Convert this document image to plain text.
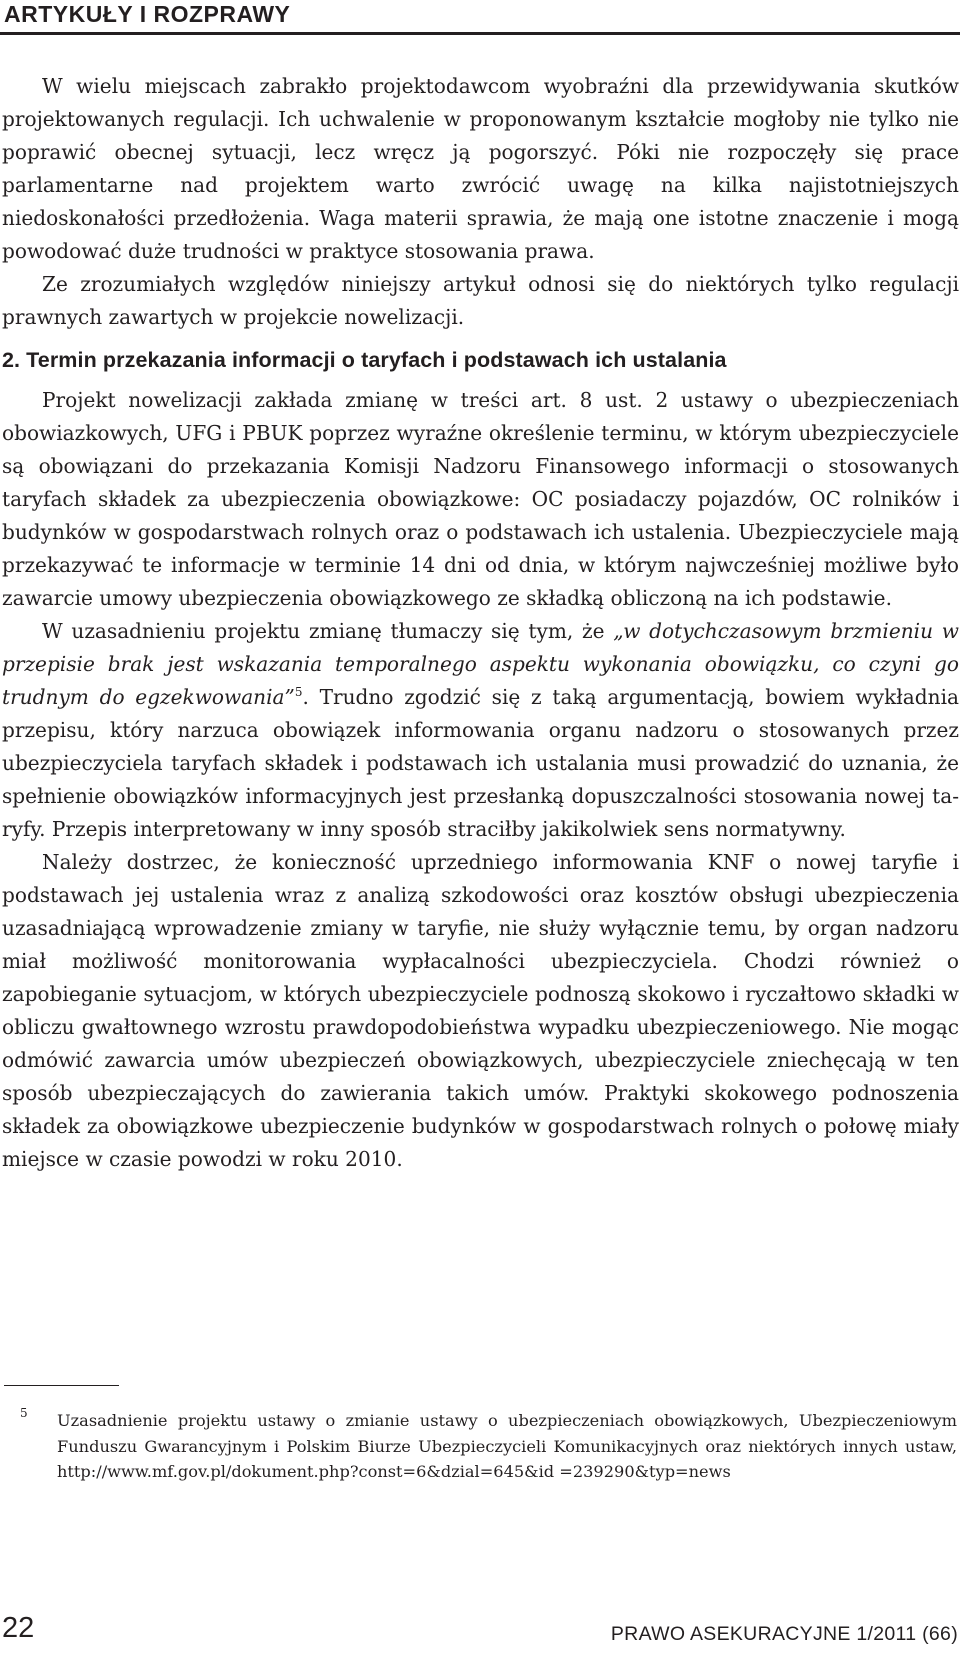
ARTYKUŁY I ROZPRAWY

W wielu miejscach zabrakło projektodawcom wyobraźni dla przewidywania skutków projektowanych regulacji. Ich uchwalenie w proponowanym kształcie mogłoby nie tylko nie poprawić obecnej sytuacji, lecz wręcz ją pogorszyć. Póki nie rozpoczęły się prace parlamentarne nad projektem warto zwrócić uwagę na kilka najistotniejszych niedoskonałości przedłożenia. Waga materii sprawia, że mają one istotne znaczenie i mogą powodować duże trudności w praktyce stosowania prawa.

Ze zrozumiałych względów niniejszy artykuł odnosi się do niektórych tylko regulacji prawnych zawartych w projekcie nowelizacji.

2. Termin przekazania informacji o taryfach i podstawach ich ustalania

Projekt nowelizacji zakłada zmianę w treści art. 8 ust. 2 ustawy o ubezpieczeniach obowiazkowych, UFG i PBUK poprzez wyraźne określenie terminu, w którym ubezpieczyciele są obowiązani do przekazania Komisji Nadzoru Finansowego informacji o stosowanych taryfach składek za ubezpieczenia obowiązkowe: OC posiadaczy pojazdów, OC rolników i budynków w gospodarstwach rolnych oraz o podstawach ich ustalenia. Ubezpieczyciele mają przekazywać te informacje w terminie 14 dni od dnia, w którym najwcześniej możliwe było zawarcie umowy ubezpieczenia obowiązkowego ze składką obliczoną na ich podstawie.

W uzasadnieniu projektu zmianę tłumaczy się tym, że „w dotychczasowym brzmieniu w przepisie brak jest wskazania temporalnego aspektu wykonania obowiązku, co czyni go trudnym do egzekwowania”$^5$. Trudno zgodzić się z taką argumentacją, bowiem wykładnia przepisu, który narzuca obowiązek informowania organu nadzoru o stosowanych przez ubezpieczyciela taryfach składek i podstawach ich ustalania musi prowadzić do uznania, że spełnienie obowiązków informacyjnych jest przesłanką dopuszczalności stosowania nowej taryfy. Przepis interpretowany w inny sposób straciłby jakikolwiek sens normatywny.

Należy dostrzec, że konieczność uprzedniego informowania KNF o nowej taryfie i podstawach jej ustalenia wraz z analizą szkodowości oraz kosztów obsługi ubezpieczenia uzasadniającą wprowadzenie zmiany w taryfie, nie służy wyłącznie temu, by organ nadzoru miał możliwość monitorowania wypłacalności ubezpieczyciela. Chodzi również o zapobieganie sytuacjom, w których ubezpieczyciele podnoszą skokowo i ryczałtowo składki w obliczu gwałtownego wzrostu prawdopodobieństwa wypadku ubezpieczeniowego. Nie mogąc odmówić zawarcia umów ubezpieczeń obowiązkowych, ubezpieczyciele zniechęcają w ten sposób ubezpieczających do zawierania takich umów. Praktyki skokowego podnoszenia składek za obowiązkowe ubezpieczenie budynków w gospodarstwach rolnych o połowę miały miejsce w czasie powodzi w roku 2010.

5 Uzasadnienie projektu ustawy o zmianie ustawy o ubezpieczeniach obowiązkowych, Ubezpieczeniowym Funduszu Gwarancyjnym i Polskim Biurze Ubezpieczycieli Komunikacyjnych oraz niektórych innych ustaw, http://www.mf.gov.pl/dokument.php?const=6&dzial=645&id =239290&typ=news

22	PRAWO ASEKURACYJNE 1/2011 (66)
